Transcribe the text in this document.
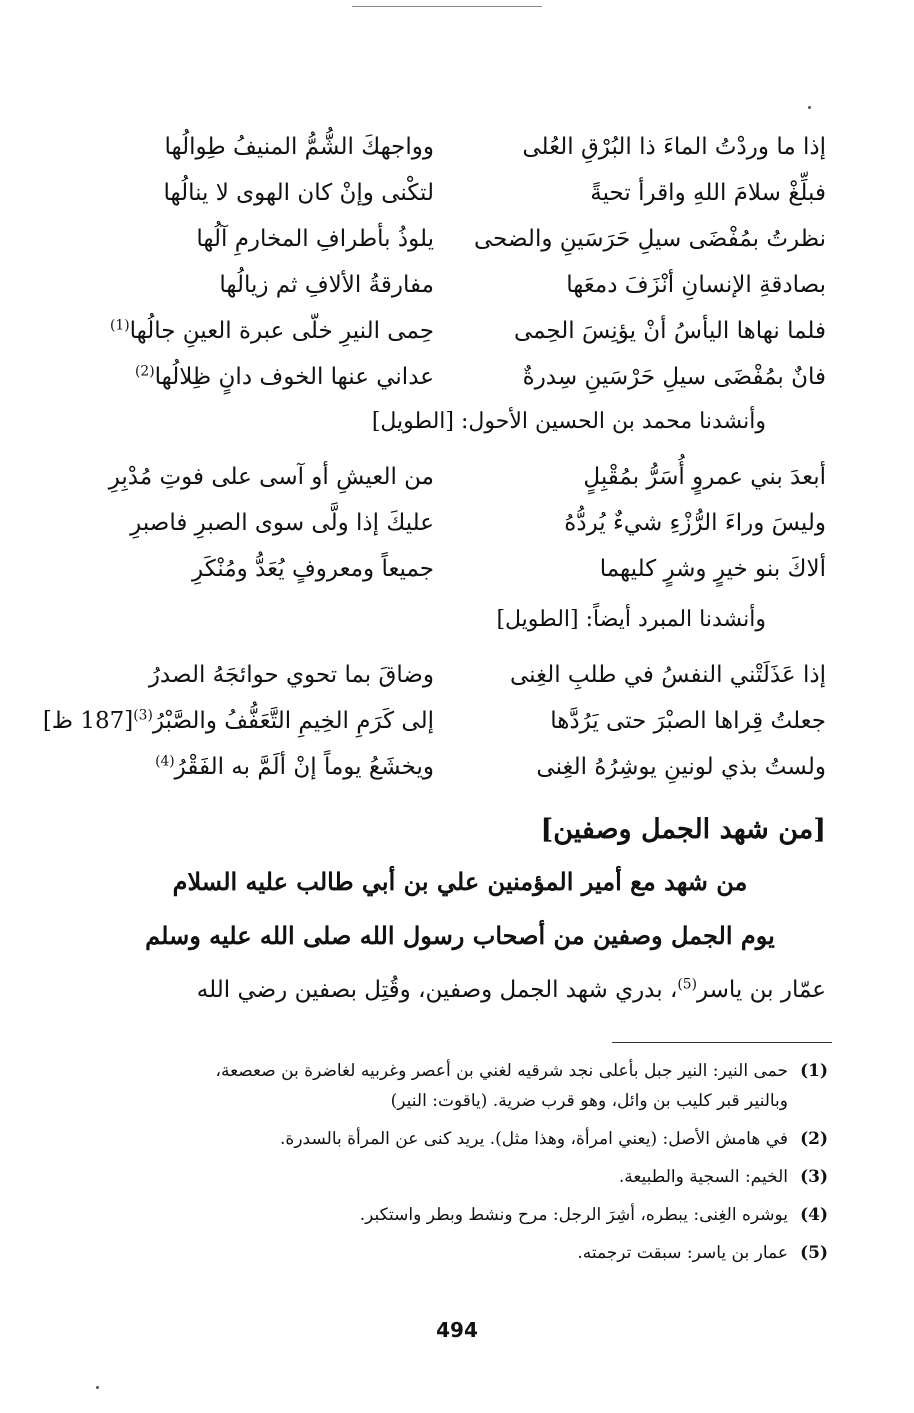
إذا ما وردْتُ الماءَ ذا البُرْقِ العُلى
وواجهكَ الشُّمُّ المنيفُ طِوالُها
فبلِّغْ سلامَ اللهِ واقرأ تحيةً
لتكْنى وإنْ كان الهوى لا ينالُها
نظرتُ بمُفْضَى سيلِ حَرَسَينِ والضحى
يلوذُ بأطرافِ المخارمِ آلُها
بصادقةِ الإنسانِ أنْزَفَ دمعَها
مفارقةُ الألافِ ثم زيالُها
فلما نهاها اليأسُ أنْ يؤنِسَ الحِمى
حِمى النيرِ خلّى عبرة العينِ جالُها$^{(1)}$
فانٌ بمُفْضَى سيلِ حَرْسَينِ سِدرةٌ
عداني عنها الخوف دانٍ ظِلالُها$^{(2)}$
وأنشدنا محمد بن الحسين الأحول: [الطويل]
أبعدَ بني عمروٍ أُسَرُّ بمُقْبِلٍ
من العيشِ أو آسى على فوتِ مُدْبِرِ
وليسَ وراءَ الرُّزْءِ شيءٌ يُردُّهُ
عليكَ إذا ولَّى سوى الصبرِ فاصبرِ
ألاكَ بنو خيرٍ وشرٍ كليهما
جميعاً ومعروفٍ يُعَدُّ ومُنْكَرِ
وأنشدنا المبرد أيضاً: [الطويل]
إذا عَذَلَتْني النفسُ في طلبِ الغِنى
وضاقَ بما تحوي حوائجَهُ الصدرُ
جعلتُ قِراها الصبْرَ حتى يَرُدَّها
إلى كَرَمِ الخِيمِ التَّعَفُّفُ والصَّبْرُ$^{(3)}$[187 ظ]
ولستُ بذي لونينِ يوشِرُهُ الغِنى
ويخشَعُ يوماً إنْ ألَمَّ به الفَقْرُ$^{(4)}$
[من شهد الجمل وصفين]
من شهد مع أمير المؤمنين علي بن أبي طالب عليه السلام
يوم الجمل وصفين من أصحاب رسول الله صلى الله عليه وسلم
عمّار بن ياسر$^{(5)}$، بدري شهد الجمل وصفين، وقُتِل بصفين رضي الله
(1)
حمى النير: النير جبل بأعلى نجد شرقيه لغني بن أعصر وغربيه لغاضرة بن صعصعة،
وبالنير قبر كليب بن وائل، وهو قرب ضرية. (ياقوت: النير)
(2)
في هامش الأصل: (يعني امرأة، وهذا مثل). يريد كنى عن المرأة بالسدرة.
(3)
الخيم: السجية والطبيعة.
(4)
يوشره الغِنى: يبطره، أشِرَ الرجل: مرح ونشط وبطر واستكبر.
(5)
عمار بن ياسر: سبقت ترجمته.
494
